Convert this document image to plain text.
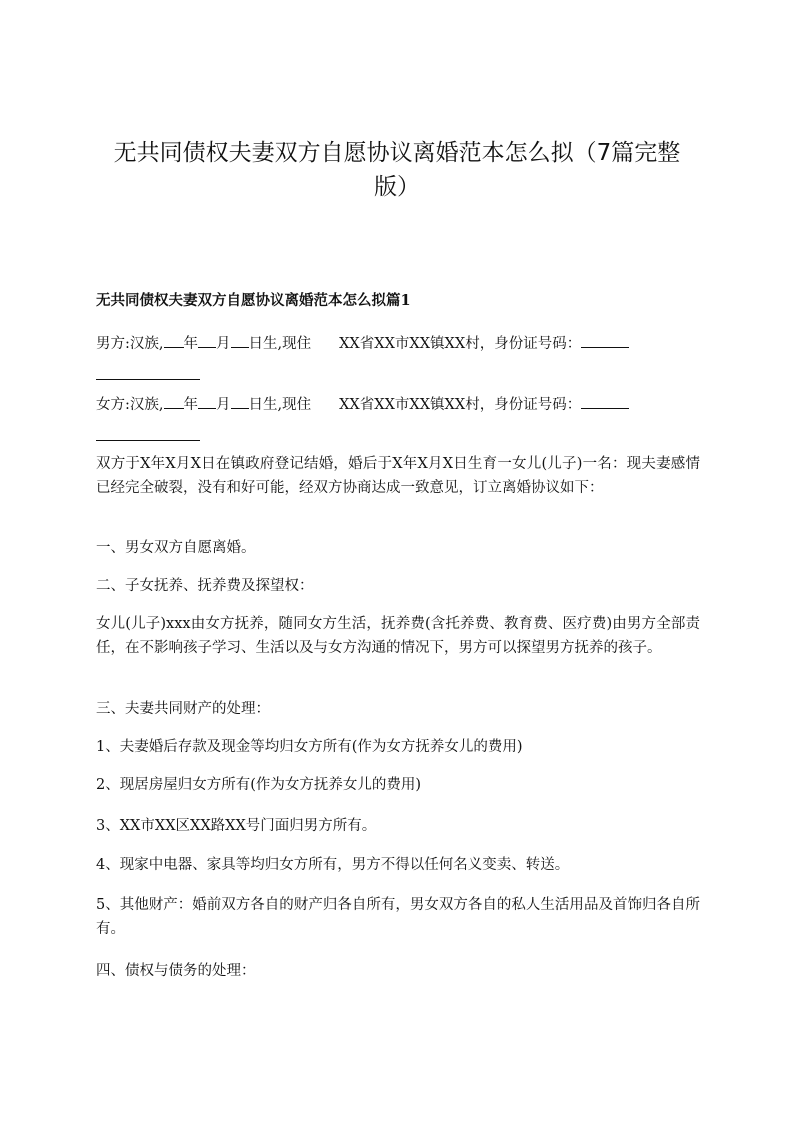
无共同债权夫妻双方自愿协议离婚范本怎么拟（7篇完整
版）

无共同债权夫妻双方自愿协议离婚范本怎么拟篇1

男方:汉族, 年 月 日生,现住 XX省XX市XX镇XX村，身份证号码：

女方:汉族, 年 月 日生,现住 XX省XX市XX镇XX村，身份证号码：

双方于X年X月X日在镇政府登记结婚，婚后于X年X月X日生育一女儿(儿子)一名：现夫妻感情已经完全破裂，没有和好可能，经双方协商达成一致意见，订立离婚协议如下：

一、男女双方自愿离婚。

二、子女抚养、抚养费及探望权：

女儿(儿子)xxx由女方抚养，随同女方生活，抚养费(含托养费、教育费、医疗费)由男方全部责任，在不影响孩子学习、生活以及与女方沟通的情况下，男方可以探望男方抚养的孩子。

三、夫妻共同财产的处理：

1、夫妻婚后存款及现金等均归女方所有(作为女方抚养女儿的费用)

2、现居房屋归女方所有(作为女方抚养女儿的费用)

3、XX市XX区XX路XX号门面归男方所有。

4、现家中电器、家具等均归女方所有，男方不得以任何名义变卖、转送。

5、其他财产：婚前双方各自的财产归各自所有，男女双方各自的私人生活用品及首饰归各自所有。

四、债权与债务的处理：
